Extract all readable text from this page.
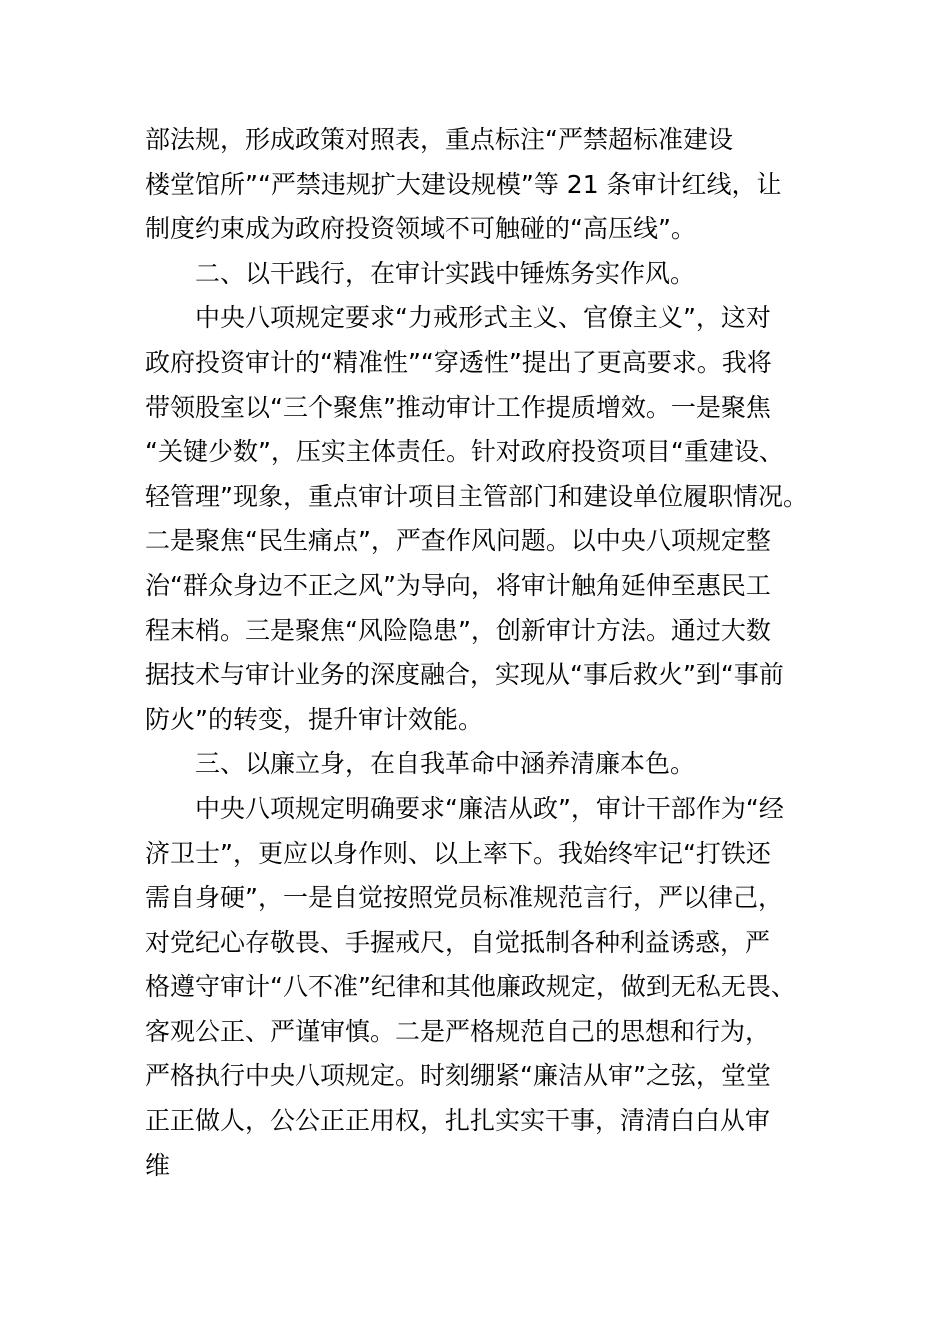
部法规，形成政策对照表，重点标注“严禁超标准建设
楼堂馆所”“严禁违规扩大建设规模”等 21 条审计红线，让
制度约束成为政府投资领域不可触碰的“高压线”。
二、以干践行，在审计实践中锤炼务实作风。
中央八项规定要求“力戒形式主义、官僚主义”，这对
政府投资审计的“精准性”“穿透性”提出了更高要求。我将
带领股室以“三个聚焦”推动审计工作提质增效。一是聚焦
“关键少数”，压实主体责任。针对政府投资项目“重建设、
轻管理”现象，重点审计项目主管部门和建设单位履职情况。
二是聚焦“民生痛点”，严查作风问题。以中央八项规定整
治“群众身边不正之风”为导向，将审计触角延伸至惠民工
程末梢。三是聚焦“风险隐患”，创新审计方法。通过大数
据技术与审计业务的深度融合，实现从“事后救火”到“事前
防火”的转变，提升审计效能。
三、以廉立身，在自我革命中涵养清廉本色。
中央八项规定明确要求“廉洁从政”，审计干部作为“经
济卫士”，更应以身作则、以上率下。我始终牢记“打铁还
需自身硬”，一是自觉按照党员标准规范言行，严以律己，
对党纪心存敬畏、手握戒尺，自觉抵制各种利益诱惑，严
格遵守审计“八不准”纪律和其他廉政规定，做到无私无畏、
客观公正、严谨审慎。二是严格规范自己的思想和行为，
严格执行中央八项规定。时刻绷紧“廉洁从审”之弦，堂堂
正正做人，公公正正用权，扎扎实实干事，清清白白从审
维
